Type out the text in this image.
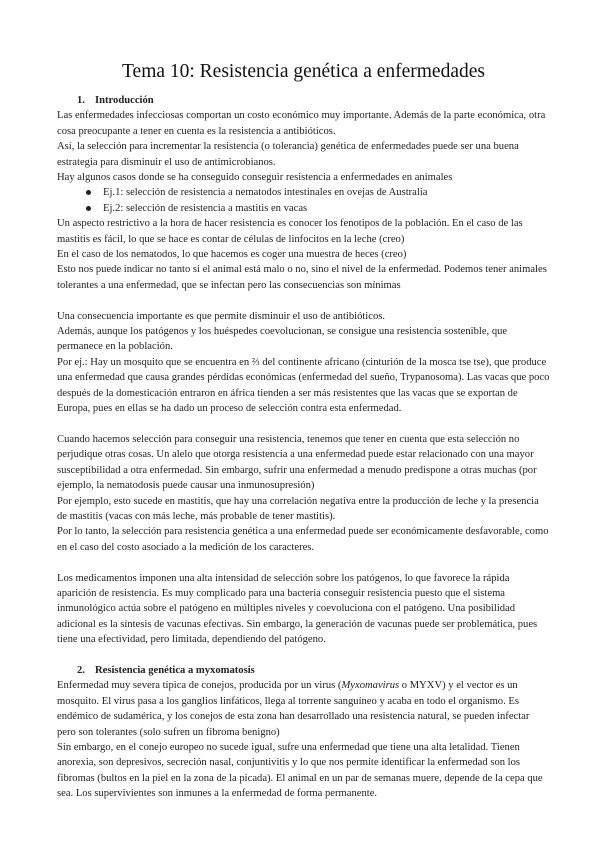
Tema 10: Resistencia genética a enfermedades
1. Introducción

Las enfermedades infecciosas comportan un costo económico muy importante. Además de la parte económica, otra cosa preocupante a tener en cuenta es la resistencia a antibióticos.

Así, la selección para incrementar la resistencia (o tolerancia) genética de enfermedades puede ser una buena estrategia para disminuir el uso de antimicrobianos.

Hay algunos casos donde se ha conseguido conseguir resistencia a enfermedades en animales

Ej.1: selección de resistencia a nematodos intestinales en ovejas de Australia
Ej.2: selección de resistencia a mastitis en vacas

Un aspecto restrictivo a la hora de hacer resistencia es conocer los fenotipos de la población. En el caso de las mastitis es fácil, lo que se hace es contar de células de linfocitos en la leche (creo)

En el caso de los nematodos, lo que hacemos es coger una muestra de heces (creo)

Esto nos puede indicar no tanto si el animal está malo o no, sino el nivel de la enfermedad. Podemos tener animales tolerantes a una enfermedad, que se infectan pero las consecuencias son mínimas

Una consecuencia importante es que permite disminuir el uso de antibióticos.

Además, aunque los patógenos y los huéspedes coevolucionan, se consigue una resistencia sostenible, que permanece en la población.

Por ej.: Hay un mosquito que se encuentra en ⅔ del continente africano (cinturión de la mosca tse tse), que produce una enfermedad que causa grandes pérdidas económicas (enfermedad del sueño, Trypanosoma). Las vacas que poco después de la domesticación entraron en áfrica tienden a ser más resistentes que las vacas que se exportan de Europa, pues en ellas se ha dado un proceso de selección contra esta enfermedad.

Cuando hacemos selección para conseguir una resistencia, tenemos que tener en cuenta que esta selección no perjudique otras cosas. Un alelo que otorga resistencia a una enfermedad puede estar relacionado con una mayor susceptibilidad a otra enfermedad. Sin embargo, sufrir una enfermedad a menudo predispone a otras muchas (por ejemplo, la nematodosis puede causar una inmunosupresión)

Por ejemplo, esto sucede en mastitis, que hay una correlación negativa entre la producción de leche y la presencia de mastitis (vacas con más leche, más probable de tener mastitis).

Por lo tanto, la selección para resistencia genética a una enfermedad puede ser económicamente desfavorable, como en el caso del costo asociado a la medición de los caracteres.

Los medicamentos imponen una alta intensidad de selección sobre los patógenos, lo que favorece la rápida aparición de resistencia. Es muy complicado para una bacteria conseguir resistencia puesto que el sistema inmunológico actúa sobre el patógeno en múltiples niveles y coevoluciona con el patógeno. Una posibilidad adicional es la síntesis de vacunas efectivas. Sin embargo, la generación de vacunas puede ser problemática, pues tiene una efectividad, pero limitada, dependiendo del patógeno.

2. Resistencia genética a myxomatosis

Enfermedad muy severa típica de conejos, producida por un virus (Myxomavirus o MYXV) y el vector es un mosquito. El virus pasa a los ganglios linfáticos, llega al torrente sanguíneo y acaba en todo el organismo. Es endémico de sudamérica, y los conejos de esta zona han desarrollado una resistencia natural, se pueden infectar pero son tolerantes (solo sufren un fibroma benigno)

Sin embargo, en el conejo europeo no sucede igual, sufre una enfermedad que tiene una alta letalidad. Tienen anorexia, son depresivos, secreción nasal, conjuntivitis y lo que nos permite identificar la enfermedad son los fibromas (bultos en la piel en la zona de la picada). El animal en un par de semanas muere, depende de la cepa que sea. Los supervivientes son inmunes a la enfermedad de forma permanente.
